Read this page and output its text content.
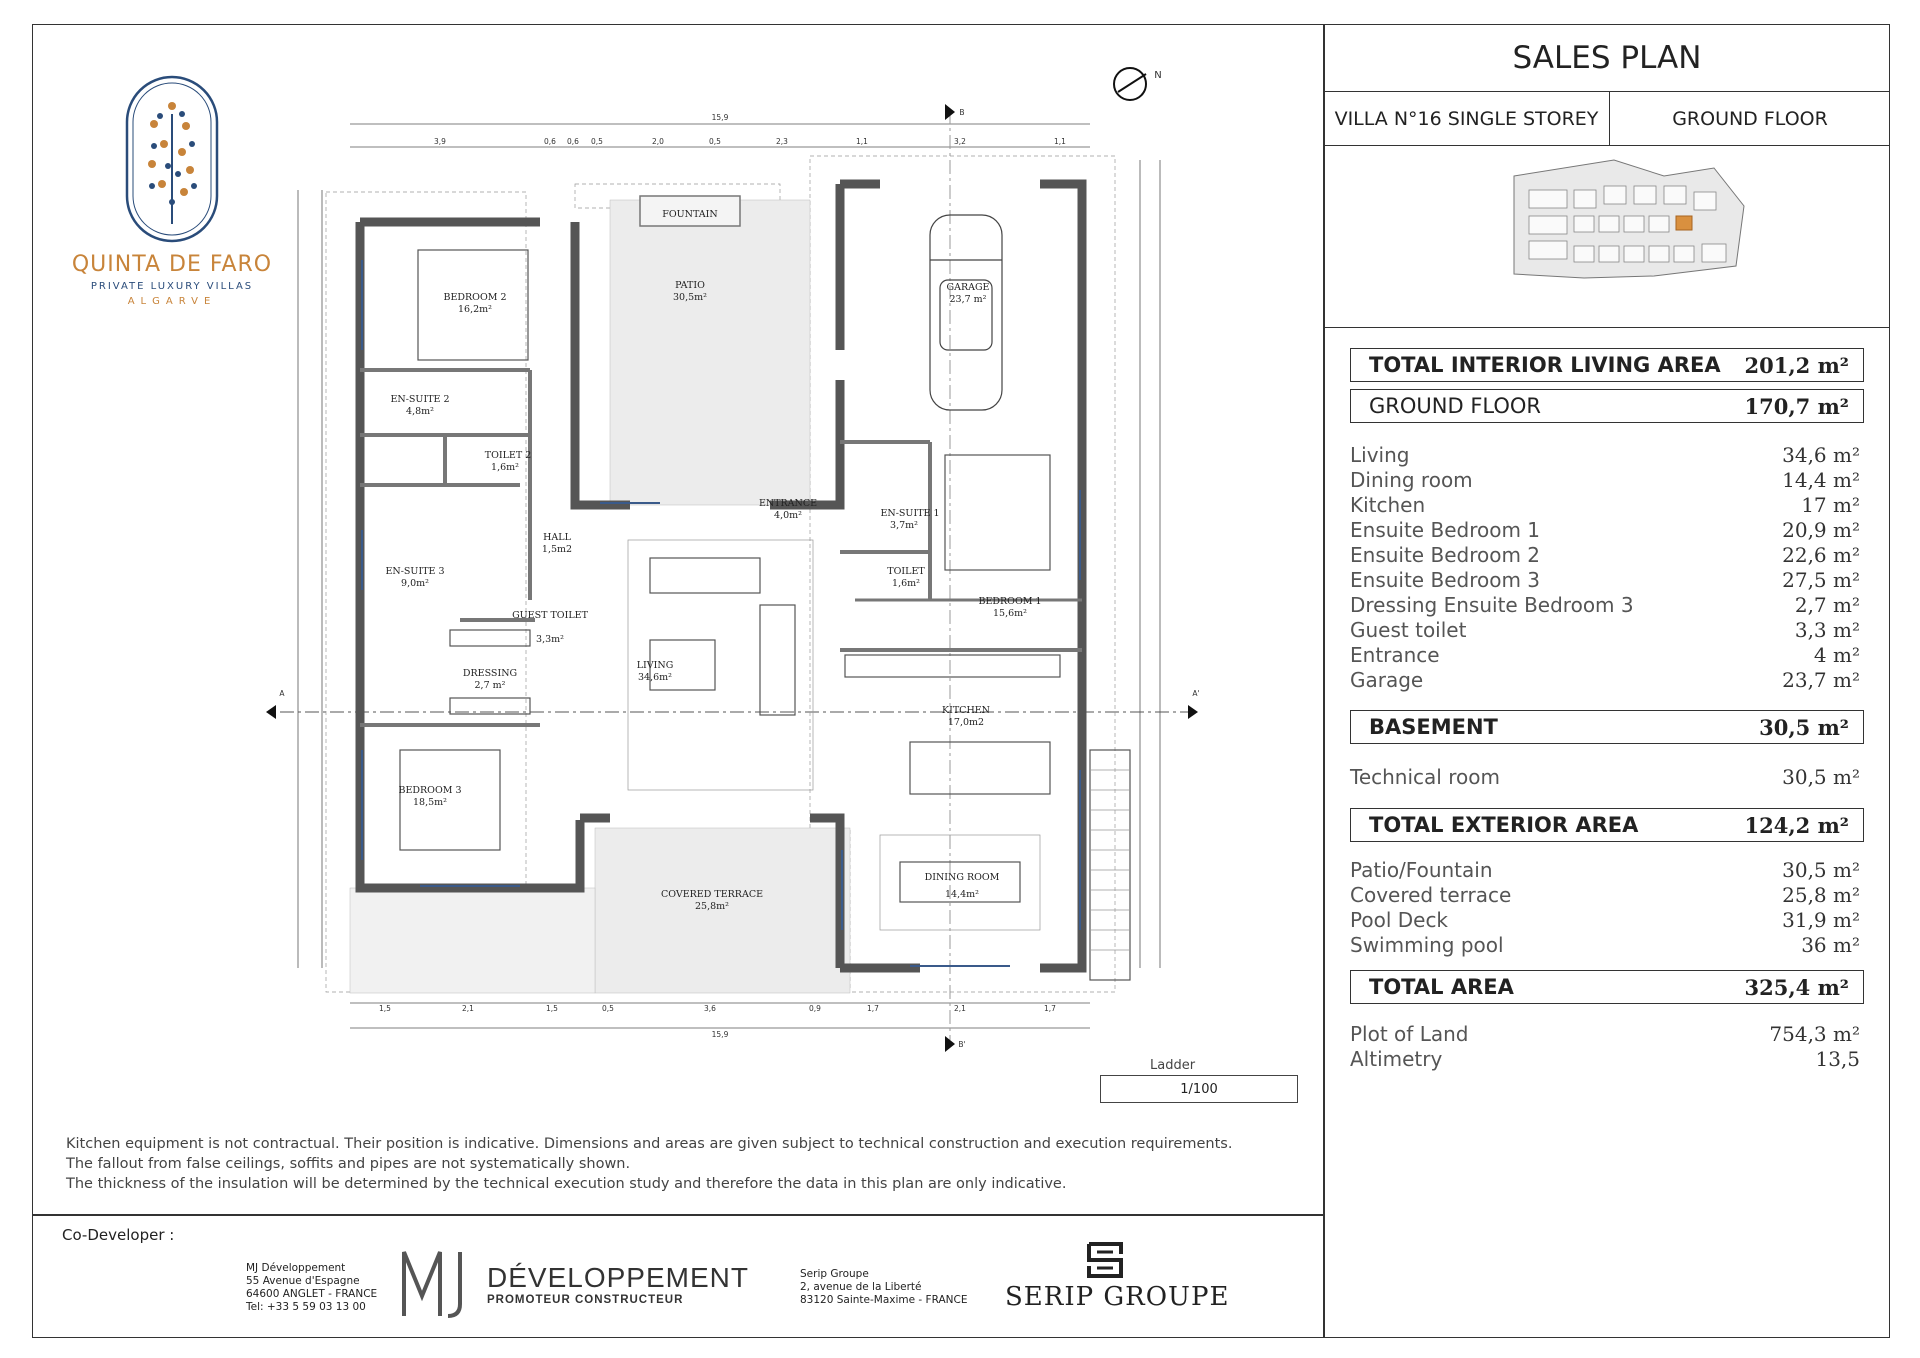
QUINTA DE FARO
PRIVATE LUXURY VILLAS
ALGARVE
15,9
3,9	0,6 0,6 0,5	2,0	0,5	2,3	1,1	3,2	1,1
1,5	2,1	1,5	0,5	3,6	0,9	1,7	2,1	1,7
15,9
B
B'
A	A'
N
BEDROOM 2
16,2m²
PATIO
30,5m²
FOUNTAIN
GARAGE
23,7 m²
EN-SUITE 2
4,8m²
TOILET 2
1,6m²
HALL
1,5m2
ENTRANCE
4,0m²	EN-SUITE 1
3,7m²
TOILET
1,6m²
EN-SUITE 3
9,0m²
GUEST TOILET
3,3m²
BEDROOM 1
15,6m²
LIVING
34,6m²
DRESSING
2,7 m²
KITCHEN
17,0m2
BEDROOM 3
18,5m²
COVERED TERRACE
25,8m²
DINING ROOM
14,4m²
SALES PLAN
VILLA N°16 SINGLE STOREY	GROUND FLOOR
TOTAL INTERIOR LIVING AREA 201,2 m²
GROUND FLOOR	170,7 m²
Living	34,6 m²
Dining room	14,4 m²
Kitchen	17 m²
Ensuite Bedroom 1	20,9 m²
Ensuite Bedroom 2	22,6 m²
Ensuite Bedroom 3	27,5 m²
Dressing Ensuite Bedroom 3	2,7 m²
Guest toilet	3,3 m²
Entrance	4 m²
Garage	23,7 m²
BASEMENT	30,5 m²
Technical room	30,5 m²
TOTAL EXTERIOR AREA	124,2 m²
Patio/Fountain	30,5 m²
Covered terrace	25,8 m²
Pool Deck	31,9 m²
Swimming pool	36 m²
TOTAL AREA	325,4 m²
Plot of Land	754,3 m²
Altimetry	13,5
Ladder
1/100
Kitchen equipment is not contractual. Their position is indicative. Dimensions and areas are given subject to technical construction and execution requirements.
The fallout from false ceilings, soffits and pipes are not systematically shown.
The thickness of the insulation will be determined by the technical execution study and therefore the data in this plan are only indicative.
Co-Developer :
MJ Développement
55 Avenue d'Espagne
64600 ANGLET - FRANCE
Tel: +33 5 59 03 13 00
DÉVELOPPEMENT
PROMOTEUR CONSTRUCTEUR
Serip Groupe
2, avenue de la Liberté
83120 Sainte-Maxime - FRANCE SERIP GROUPE
